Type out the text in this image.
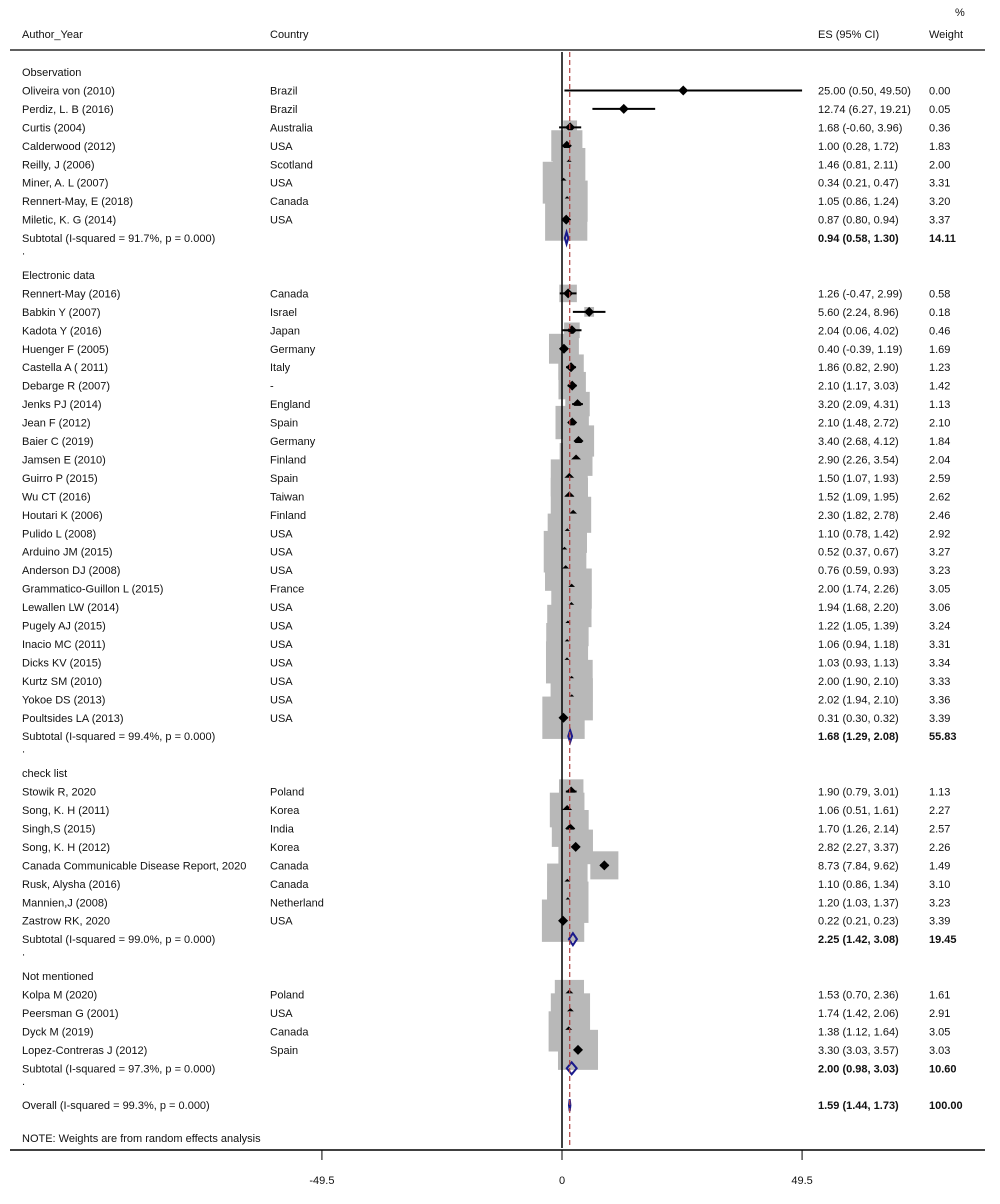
%
Author_Year	Country	ES (95% CI)	Weight
Observation
Oliveira von (2010)	Brazil	25.00 (0.50, 49.50) 0.00
Perdiz, L. B (2016)	Brazil	12.74 (6.27, 19.21) 0.05
Curtis (2004)	Australia	1.68 (-0.60, 3.96) 0.36
Calderwood (2012)	USA	1.00 (0.28, 1.72)	1.83
Reilly, J (2006)	Scotland	1.46 (0.81, 2.11)	2.00
Miner, A. L (2007)	USA	0.34 (0.21, 0.47)	3.31
Rennert-May, E (2018)	Canada	1.05 (0.86, 1.24)	3.20
Miletic, K. G (2014)	USA	0.87 (0.80, 0.94)	3.37
Subtotal (I-squared = 91.7%, p = 0.000)	0.94 (0.58, 1.30)	14.11
.
Electronic data
Rennert-May (2016)	Canada	1.26 (-0.47, 2.99) 0.58
Babkin Y (2007)	Israel	5.60 (2.24, 8.96)	0.18
Kadota Y (2016)	Japan	2.04 (0.06, 4.02)	0.46
Huenger F (2005)	Germany	0.40 (-0.39, 1.19) 1.69
Castella A ( 2011)	Italy	1.86 (0.82, 2.90)	1.23
Debarge R (2007)	-	2.10 (1.17, 3.03)	1.42
Jenks PJ (2014)	England	3.20 (2.09, 4.31)	1.13
Jean F (2012)	Spain	2.10 (1.48, 2.72)	2.10
Baier C (2019)	Germany	3.40 (2.68, 4.12)	1.84
Jamsen E (2010)	Finland	2.90 (2.26, 3.54)	2.04
Guirro P (2015)	Spain	1.50 (1.07, 1.93)	2.59
Wu CT (2016)	Taiwan	1.52 (1.09, 1.95)	2.62
Houtari K (2006)	Finland	2.30 (1.82, 2.78)	2.46
Pulido L (2008)	USA	1.10 (0.78, 1.42)	2.92
Arduino JM (2015)	USA	0.52 (0.37, 0.67)	3.27
Anderson DJ (2008)	USA	0.76 (0.59, 0.93)	3.23
Grammatico-Guillon L (2015)	France	2.00 (1.74, 2.26)	3.05
Lewallen LW (2014)	USA	1.94 (1.68, 2.20)	3.06
Pugely AJ (2015)	USA	1.22 (1.05, 1.39)	3.24
Inacio MC (2011)	USA	1.06 (0.94, 1.18)	3.31
Dicks KV (2015)	USA	1.03 (0.93, 1.13)	3.34
Kurtz SM (2010)	USA	2.00 (1.90, 2.10)	3.33
Yokoe DS (2013)	USA	2.02 (1.94, 2.10)	3.36
Poultsides LA (2013)	USA	0.31 (0.30, 0.32)	3.39
Subtotal (I-squared = 99.4%, p = 0.000)	1.68 (1.29, 2.08)	55.83
.
check list
Stowik R, 2020	Poland	1.90 (0.79, 3.01)	1.13
Song, K. H (2011)	Korea	1.06 (0.51, 1.61)	2.27
Singh,S (2015)	India	1.70 (1.26, 2.14)	2.57
Song, K. H (2012)	Korea	2.82 (2.27, 3.37)	2.26
Canada Communicable Disease Report, 2020 Canada	8.73 (7.84, 9.62)	1.49
Rusk, Alysha (2016)	Canada	1.10 (0.86, 1.34)	3.10
Mannien,J (2008)	Netherland	1.20 (1.03, 1.37)	3.23
Zastrow RK, 2020	USA	0.22 (0.21, 0.23)	3.39
Subtotal (I-squared = 99.0%, p = 0.000)	2.25 (1.42, 3.08)	19.45
.
Not mentioned
Kolpa M (2020)	Poland	1.53 (0.70, 2.36)	1.61
Peersman G (2001)	USA	1.74 (1.42, 2.06)	2.91
Dyck M (2019)	Canada	1.38 (1.12, 1.64)	3.05
Lopez-Contreras J (2012)	Spain	3.30 (3.03, 3.57)	3.03
Subtotal (I-squared = 97.3%, p = 0.000)	2.00 (0.98, 3.03)	10.60
.
Overall (I-squared = 99.3%, p = 0.000)	1.59 (1.44, 1.73)	100.00
NOTE: Weights are from random effects analysis
-49.5	0	49.5
